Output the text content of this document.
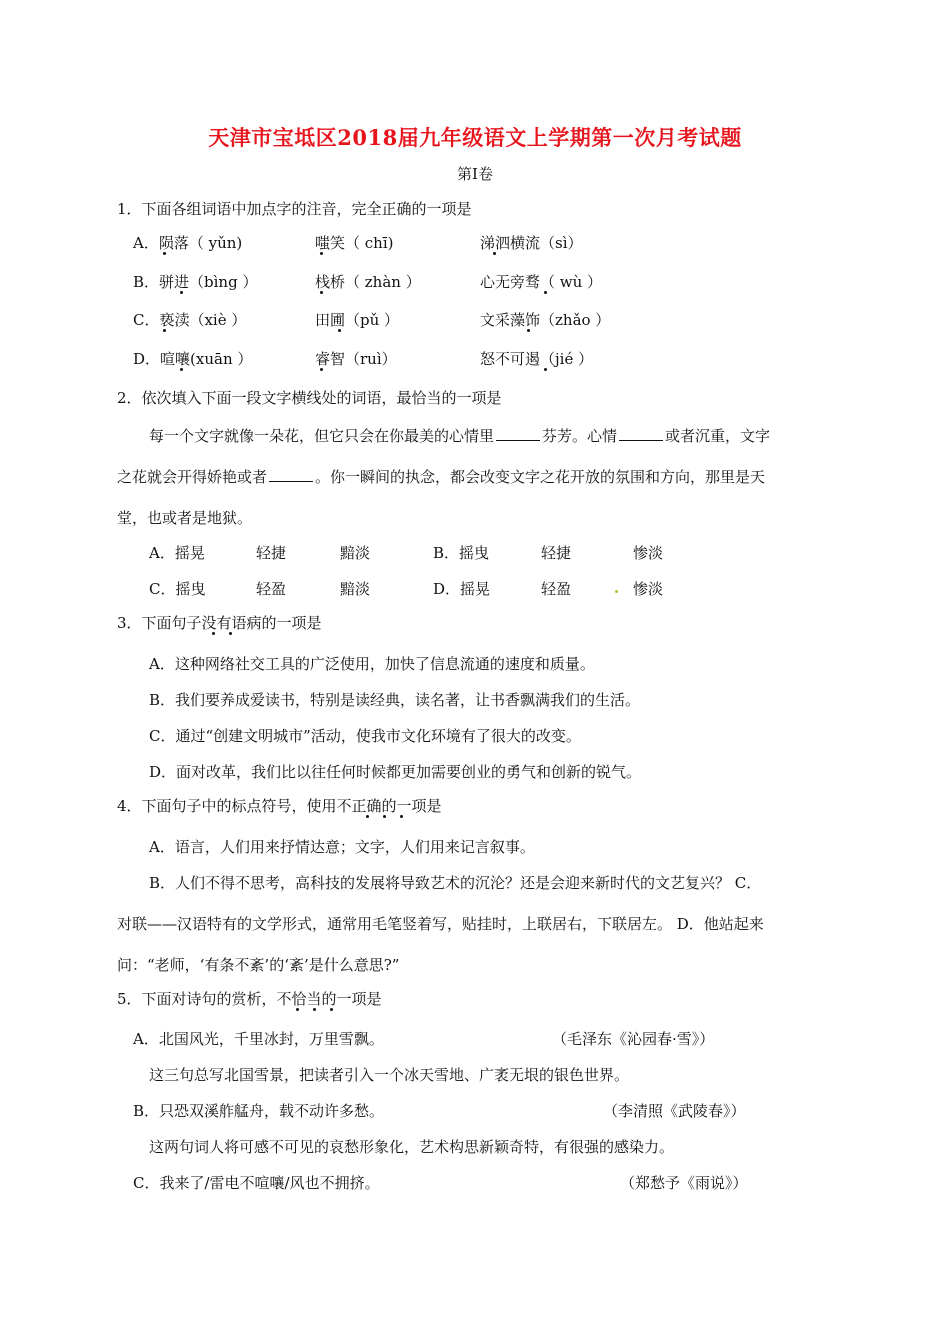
天津市宝坻区2018届九年级语文上学期第一次月考试题
第I卷
1．下面各组词语中加点字的注音，完全正确的一项是
A．陨落（ yǔn)	嗤笑（ chī)	涕泗横流（sì）
B．骈进（bìng ）	栈桥（ zhàn ）	心无旁骛（ wù ）
C．亵渎（xiè ）	田圃（pǔ ）	文采藻饰（zhǎo ）
D．喧嚷(xuān ）	睿智（ruì）	怒不可遏（jié ）
2．依次填入下面一段文字横线处的词语，最恰当的一项是
每一个文字就像一朵花，但它只会在你最美的心情里	芬芳。心情	或者沉重，文字
之花就会开得娇艳或者	。你一瞬间的执念，都会改变文字之花开放的氛围和方向，那里是天
堂，也或者是地狱。
A．摇晃	轻捷	黯淡	B．摇曳	轻捷	惨淡
C．摇曳	轻盈	黯淡	D．摇晃	轻盈	惨淡
3．下面句子没有语病的一项是
A．这种网络社交工具的广泛使用，加快了信息流通的速度和质量。
B．我们要养成爱读书，特别是读经典，读名著，让书香飘满我们的生活。
C．通过“创建文明城市”活动，使我市文化环境有了很大的改变。
D．面对改革，我们比以往任何时候都更加需要创业的勇气和创新的锐气。
4．下面句子中的标点符号，使用不正确的一项是
A．语言，人们用来抒情达意；文字，人们用来记言叙事。
B．人们不得不思考，高科技的发展将导致艺术的沉沦？还是会迎来新时代的文艺复兴？ C．
对联——汉语特有的文学形式，通常用毛笔竖着写，贴挂时，上联居右，下联居左。 D．他站起来
问：“老师，‘有条不紊’的‘紊’是什么意思?”
5．下面对诗句的赏析，不恰当的一项是
A．北国风光，千里冰封，万里雪飘。	（毛泽东《沁园春·雪》）
这三句总写北国雪景，把读者引入一个冰天雪地、广袤无垠的银色世界。
B．只恐双溪舴艋舟，载不动许多愁。	（李清照《武陵春》）
这两句词人将可感不可见的哀愁形象化，艺术构思新颖奇特，有很强的感染力。
C．我来了/雷电不喧嚷/风也不拥挤。	（郑愁予《雨说》）
